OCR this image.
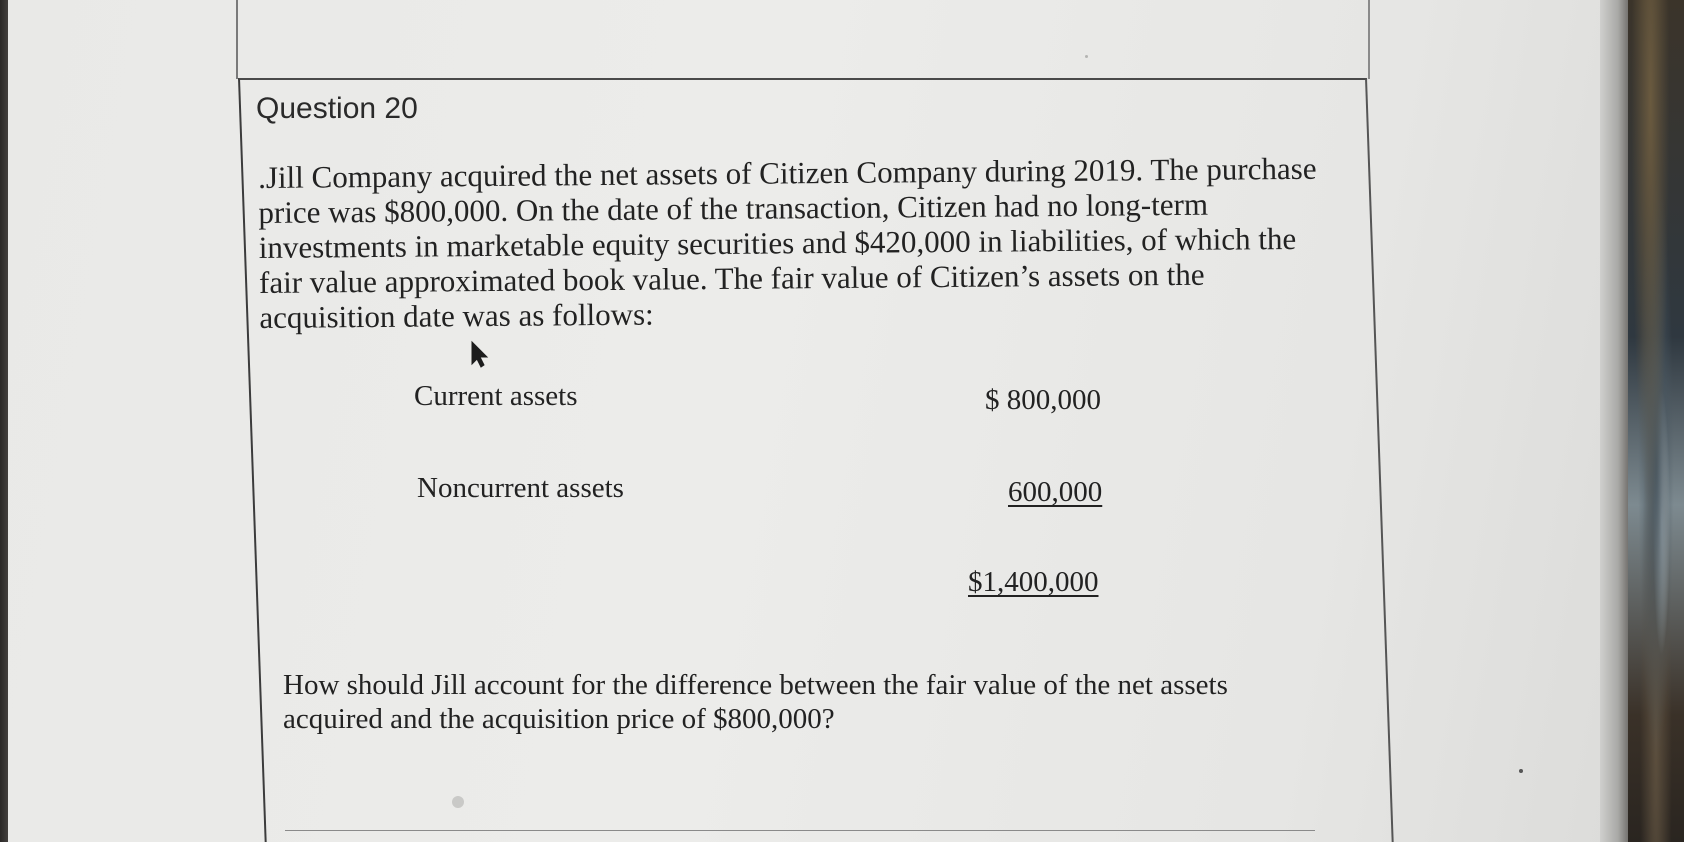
Question 20
.Jill Company acquired the net assets of Citizen Company during 2019. The purchase
price was $800,000. On the date of the transaction, Citizen had no long-term
investments in marketable equity securities and $420,000 in liabilities, of which the
fair value approximated book value. The fair value of Citizen’s assets on the
acquisition date was as follows:
Current assets	$ 800,000
Noncurrent assets	600,000
$1,400,000
How should Jill account for the difference between the fair value of the net assets
acquired and the acquisition price of $800,000?
